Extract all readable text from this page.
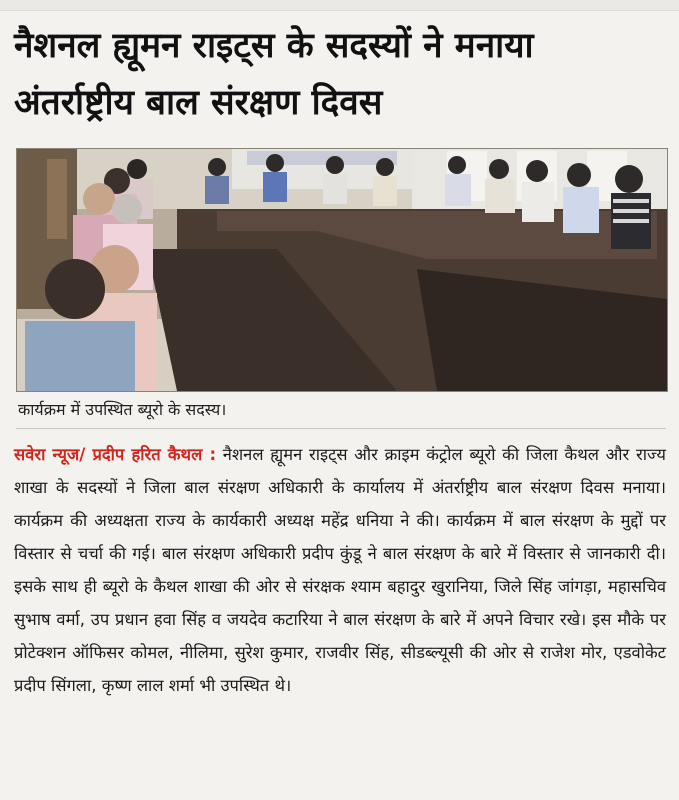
नैशनल ह्यूमन राइट्स के सदस्यों ने मनाया अंतर्राष्ट्रीय बाल संरक्षण दिवस
कार्यक्रम में उपस्थित ब्यूरो के सदस्य।
सवेरा न्यूज/ प्रदीप हरित कैथल : नैशनल ह्यूमन राइट्स और क्राइम कंट्रोल ब्यूरो की जिला कैथल और राज्य शाखा के सदस्यों ने जिला बाल संरक्षण अधिकारी के कार्यालय में अंतर्राष्ट्रीय बाल संरक्षण दिवस मनाया। कार्यक्रम की अध्यक्षता राज्य के कार्यकारी अध्यक्ष महेंद्र धनिया ने की। कार्यक्रम में बाल संरक्षण के मुद्दों पर विस्तार से चर्चा की गई। बाल संरक्षण अधिकारी प्रदीप कुंडू ने बाल संरक्षण के बारे में विस्तार से जानकारी दी। इसके साथ ही ब्यूरो के कैथल शाखा की ओर से संरक्षक श्याम बहादुर खुरानिया, जिले सिंह जांगड़ा, महासचिव सुभाष वर्मा, उप प्रधान हवा सिंह व जयदेव कटारिया ने बाल संरक्षण के बारे में अपने विचार रखे। इस मौके पर प्रोटेक्शन ऑफिसर कोमल, नीलिमा, सुरेश कुमार, राजवीर सिंह, सीडब्ल्यूसी की ओर से राजेश मोर, एडवोकेट प्रदीप सिंगला, कृष्ण लाल शर्मा भी उपस्थित थे।
